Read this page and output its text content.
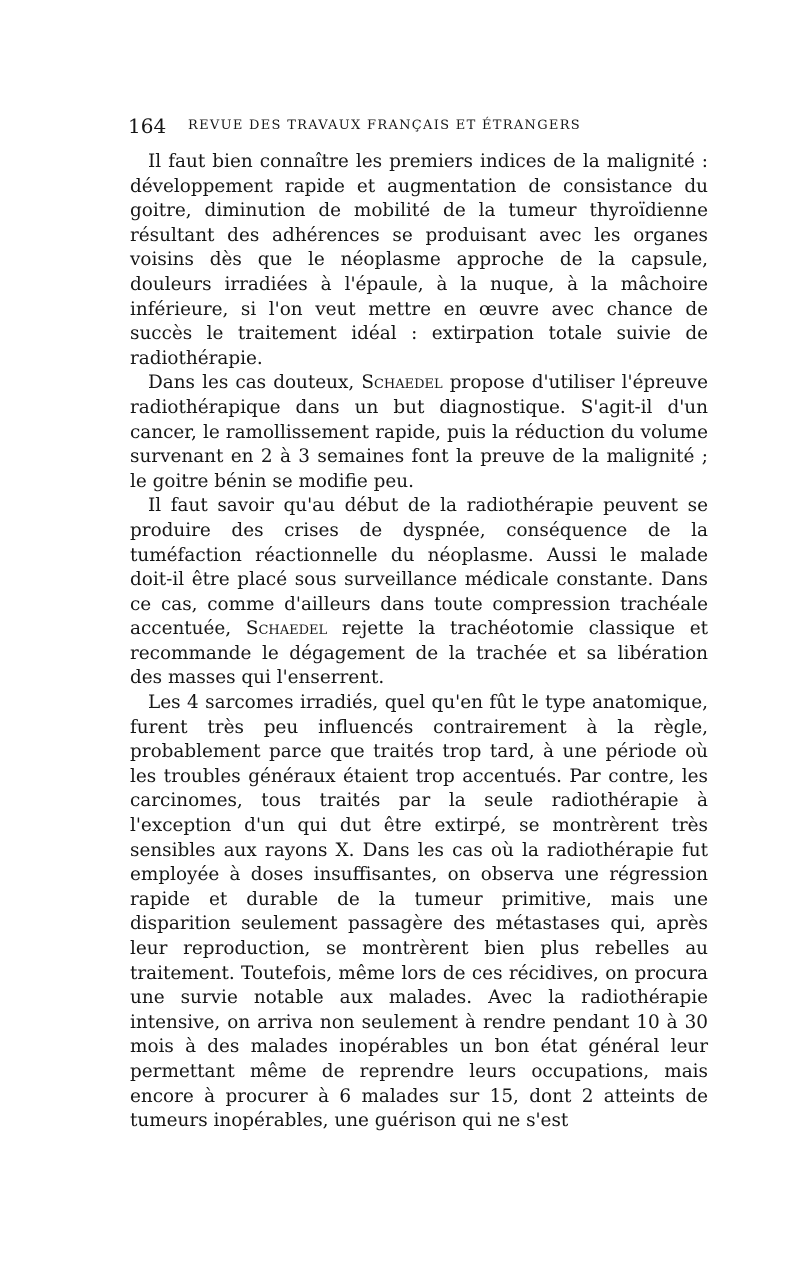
164 REVUE DES TRAVAUX FRANÇAIS ET ÉTRANGERS

Il faut bien connaître les premiers indices de la malignité : développement rapide et augmentation de consistance du goitre, diminution de mobilité de la tumeur thyroïdienne résultant des adhérences se produisant avec les organes voisins dès que le néoplasme approche de la capsule, douleurs irradiées à l'épaule, à la nuque, à la mâchoire inférieure, si l'on veut mettre en œuvre avec chance de succès le traitement idéal : extirpation totale suivie de radiothérapie.

Dans les cas douteux, Schaedel propose d'utiliser l'épreuve radiothérapique dans un but diagnostique. S'agit-il d'un cancer, le ramollissement rapide, puis la réduction du volume survenant en 2 à 3 semaines font la preuve de la malignité ; le goitre bénin se modifie peu.

Il faut savoir qu'au début de la radiothérapie peuvent se produire des crises de dyspnée, conséquence de la tuméfaction réactionnelle du néoplasme. Aussi le malade doit-il être placé sous surveillance médicale constante. Dans ce cas, comme d'ailleurs dans toute compression trachéale accentuée, Schaedel rejette la trachéotomie classique et recommande le dégagement de la trachée et sa libération des masses qui l'enserrent.

Les 4 sarcomes irradiés, quel qu'en fût le type anatomique, furent très peu influencés contrairement à la règle, probablement parce que traités trop tard, à une période où les troubles généraux étaient trop accentués. Par contre, les carcinomes, tous traités par la seule radiothérapie à l'exception d'un qui dut être extirpé, se montrèrent très sensibles aux rayons X. Dans les cas où la radiothérapie fut employée à doses insuffisantes, on observa une régression rapide et durable de la tumeur primitive, mais une disparition seulement passagère des métastases qui, après leur reproduction, se montrèrent bien plus rebelles au traitement. Toutefois, même lors de ces récidives, on procura une survie notable aux malades. Avec la radiothérapie intensive, on arriva non seulement à rendre pendant 10 à 30 mois à des malades inopérables un bon état général leur permettant même de reprendre leurs occupations, mais encore à procurer à 6 malades sur 15, dont 2 atteints de tumeurs inopérables, une guérison qui ne s'est
